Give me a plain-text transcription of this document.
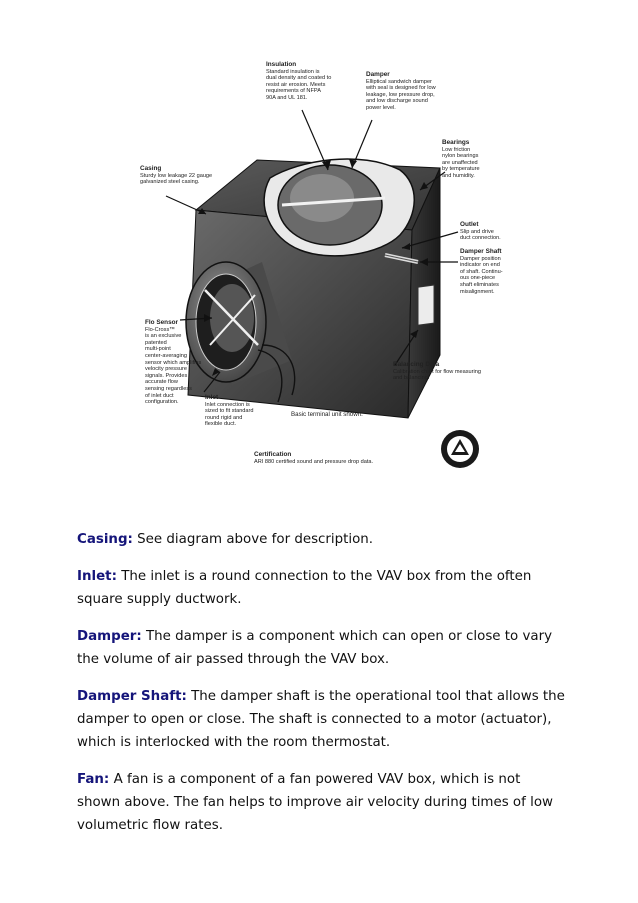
Insulation
Standard insulation is
dual density and coated to
resist air erosion. Meets
requirements of NFPA
90A and UL 181.
Damper
Elliptical sandwich damper
with seal is designed for low
leakage, low pressure drop,
and low discharge sound
power level.
Bearings
Low friction
nylon bearings
are unaffected
by temperature
and humidity.
Casing
Sturdy low leakage 22 gauge
galvanized steel casing.
Outlet
Slip and drive
duct connection.
Damper Shaft
Damper position
indicator on end
of shaft. Continu-
ous one-piece
shaft eliminates
misalignment.
Flo Sensor
Flo-Cross™
is an exclusive
patented
multi-point
center-averaging
sensor which amplifies
velocity pressure
signals. Provides
accurate flow
sensing regardless
of inlet duct
configuration.
Inlet
Inlet connection is
sized to fit standard
round rigid and
flexible duct.
Balancing Data
Calibration chart for flow measuring
and balancing.
Certification
ARI 880 certified sound and pressure drop data.
Basic terminal unit shown.

Casing: See diagram above for description.

Inlet: The inlet is a round connection to the VAV box from the often square supply ductwork.

Damper: The damper is a component which can open or close to vary the volume of air passed through the VAV box.

Damper Shaft: The damper shaft is the operational tool that allows the damper to open or close. The shaft is connected to a motor (actuator), which is interlocked with the room thermostat.

Fan: A fan is a component of a fan powered VAV box, which is not shown above. The fan helps to improve air velocity during times of low volumetric flow rates.
